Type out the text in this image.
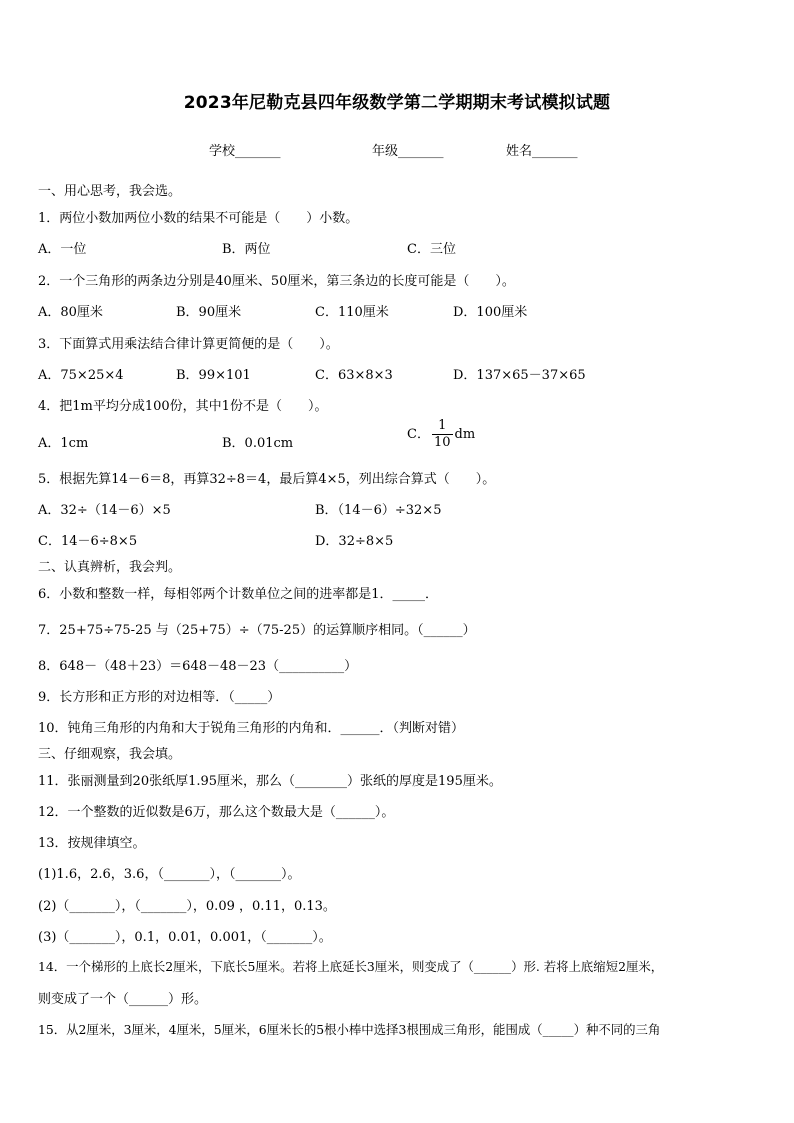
2023年尼勒克县四年级数学第二学期期末考试模拟试题
学校_______	年级_______	姓名_______
一、用心思考，我会选。
1．两位小数加两位小数的结果不可能是（　　）小数。
A．一位	B．两位	C．三位
2．一个三角形的两条边分别是40厘米、50厘米，第三条边的长度可能是（　　）。
A．80厘米	B．90厘米	C．110厘米	D．100厘米
3．下面算式用乘法结合律计算更简便的是（　　）。
A．75×25×4	B．99×101	C．63×8×3	D．137×65－37×65
4．把1m平均分成100份，其中1份不是（　　）。
A．1cm	B．0.01cm
C． $\frac{1}{10}$ dm
5．根据先算14－6＝8，再算32÷8＝4，最后算4×5，列出综合算式（　　）。
A．32÷（14－6）×5	B．（14－6）÷32×5
C．14－6÷8×5	D．32÷8×5
二、认真辨析，我会判。
6．小数和整数一样，每相邻两个计数单位之间的进率都是1．_____．
7．25+75÷75-25 与（25+75）÷（75-25）的运算顺序相同。（______）
8．648－（48＋23）＝648－48－23（__________）
9．长方形和正方形的对边相等．（_____）
10．钝角三角形的内角和大于锐角三角形的内角和．______．（判断对错）
三、仔细观察，我会填。
11．张丽测量到20张纸厚1.95厘米，那么（________）张纸的厚度是195厘米。
12．一个整数的近似数是6万，那么这个数最大是（______）。
13．按规律填空。
(1)1.6，2.6，3.6，（_______），（_______）。
(2)（_______），（_______），0.09 ，0.11，0.13。
(3)（_______），0.1，0.01，0.001，（_______）。
14．一个梯形的上底长2厘米，下底长5厘米。若将上底延长3厘米，则变成了（______）形. 若将上底缩短2厘米，
则变成了一个（______）形。
15．从2厘米，3厘米，4厘米，5厘米，6厘米长的5根小棒中选择3根围成三角形，能围成（_____）种不同的三角
